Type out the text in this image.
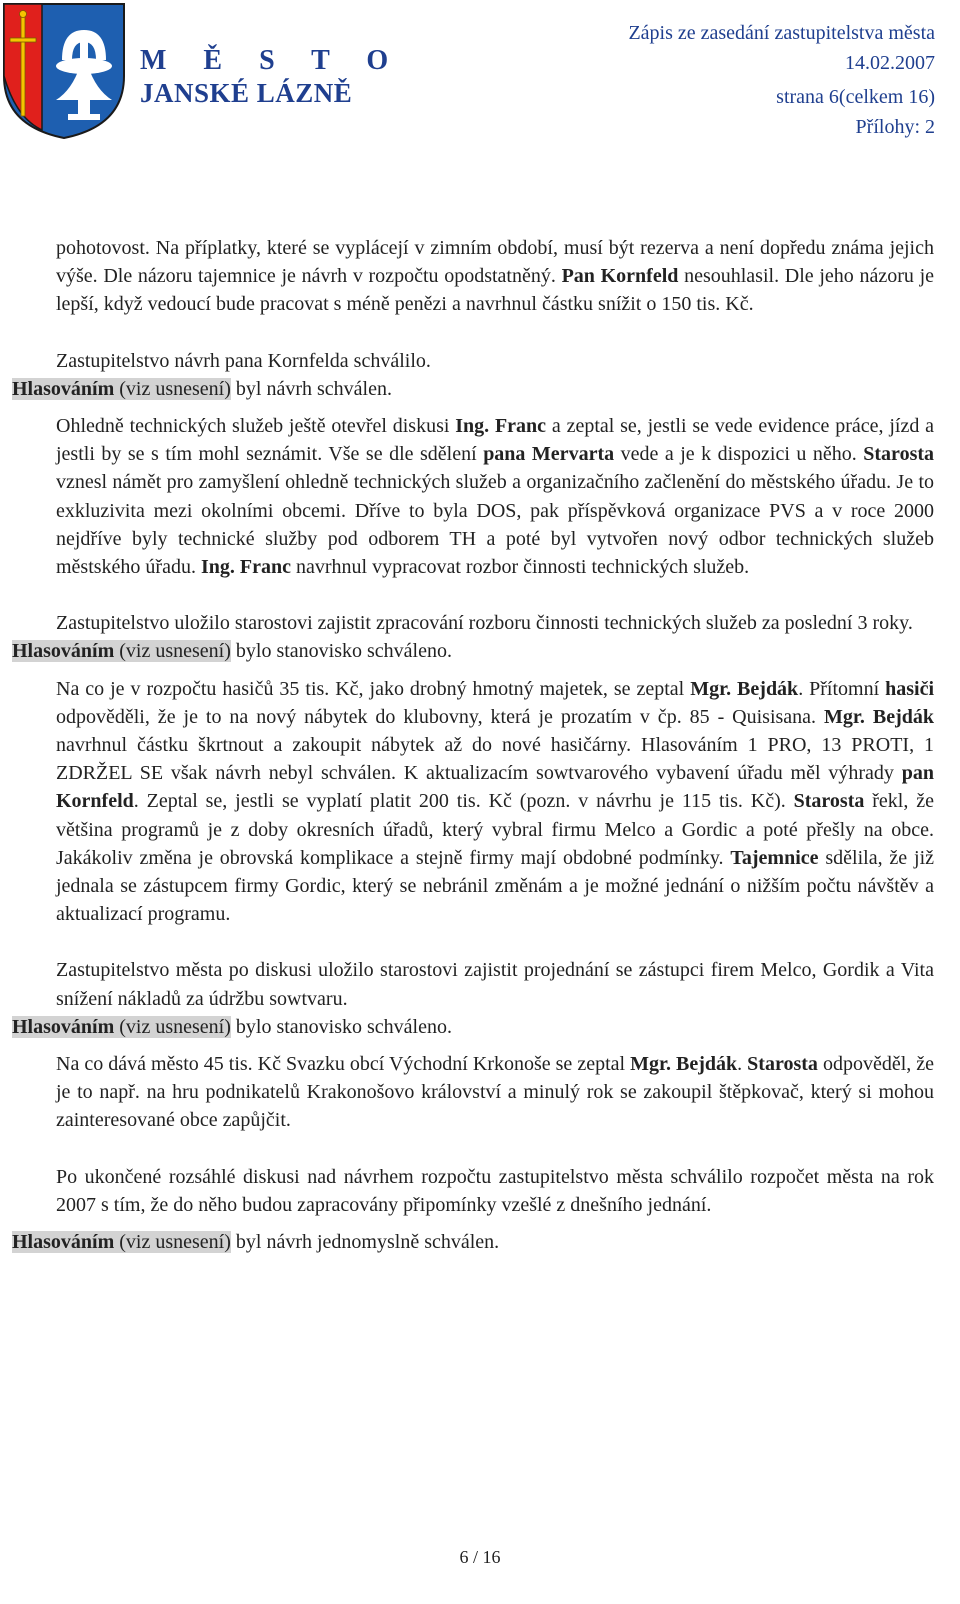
M Ě S T O
JANSKÉ LÁZNĚ
Zápis ze zasedání zastupitelstva města
14.02.2007
strana 6(celkem 16)
Přílohy: 2

pohotovost. Na příplatky, které se vyplácejí v zimním období, musí být rezerva a není dopředu známa jejich výše. Dle názoru tajemnice je návrh v rozpočtu opodstatněný. Pan Kornfeld nesouhlasil. Dle jeho názoru je lepší, když vedoucí bude pracovat s méně penězi a navrhnul částku snížit o 150 tis. Kč.

Zastupitelstvo návrh pana Kornfelda schválilo.

Hlasováním (viz usnesení) byl návrh schválen.

Ohledně technických služeb ještě otevřel diskusi Ing. Franc a zeptal se, jestli se vede evidence práce, jízd a jestli by se s tím mohl seznámit. Vše se dle sdělení pana Mervarta vede a je k dispozici u něho. Starosta vznesl námět pro zamyšlení ohledně technických služeb a organizačního začlenění do městského úřadu. Je to exkluzivita mezi okolními obcemi. Dříve to byla DOS, pak příspěvková organizace PVS a v roce 2000 nejdříve byly technické služby pod odborem TH a poté byl vytvořen nový odbor technických služeb městského úřadu. Ing. Franc navrhnul vypracovat rozbor činnosti technických služeb.

Zastupitelstvo uložilo starostovi zajistit zpracování rozboru činnosti technických služeb za poslední 3 roky.

Hlasováním (viz usnesení) bylo stanovisko schváleno.

Na co je v rozpočtu hasičů 35 tis. Kč, jako drobný hmotný majetek, se zeptal Mgr. Bejdák. Přítomní hasiči odpověděli, že je to na nový nábytek do klubovny, která je prozatím v čp. 85 - Quisisana. Mgr. Bejdák navrhnul částku škrtnout a zakoupit nábytek až do nové hasičárny. Hlasováním 1 PRO, 13 PROTI, 1 ZDRŽEL SE však návrh nebyl schválen. K aktualizacím sowtvarového vybavení úřadu měl výhrady pan Kornfeld. Zeptal se, jestli se vyplatí platit 200 tis. Kč (pozn. v návrhu je 115 tis. Kč). Starosta řekl, že většina programů je z doby okresních úřadů, který vybral firmu Melco a Gordic a poté přešly na obce. Jakákoliv změna je obrovská komplikace a stejně firmy mají obdobné podmínky. Tajemnice sdělila, že již jednala se zástupcem firmy Gordic, který se nebránil změnám a je možné jednání o nižším počtu návštěv a aktualizací programu.

Zastupitelstvo města po diskusi uložilo starostovi zajistit projednání se zástupci firem Melco, Gordik a Vita snížení nákladů za údržbu sowtvaru.

Hlasováním (viz usnesení) bylo stanovisko schváleno.

Na co dává město 45 tis. Kč Svazku obcí Východní Krkonoše se zeptal Mgr. Bejdák. Starosta odpověděl, že je to např. na hru podnikatelů Krakonošovo království a minulý rok se zakoupil štěpkovač, který si mohou zainteresované obce zapůjčit.

Po ukončené rozsáhlé diskusi nad návrhem rozpočtu zastupitelstvo města schválilo rozpočet města na rok 2007 s tím, že do něho budou zapracovány připomínky vzešlé z dnešního jednání.

Hlasováním (viz usnesení) byl návrh jednomyslně schválen.

6 / 16
